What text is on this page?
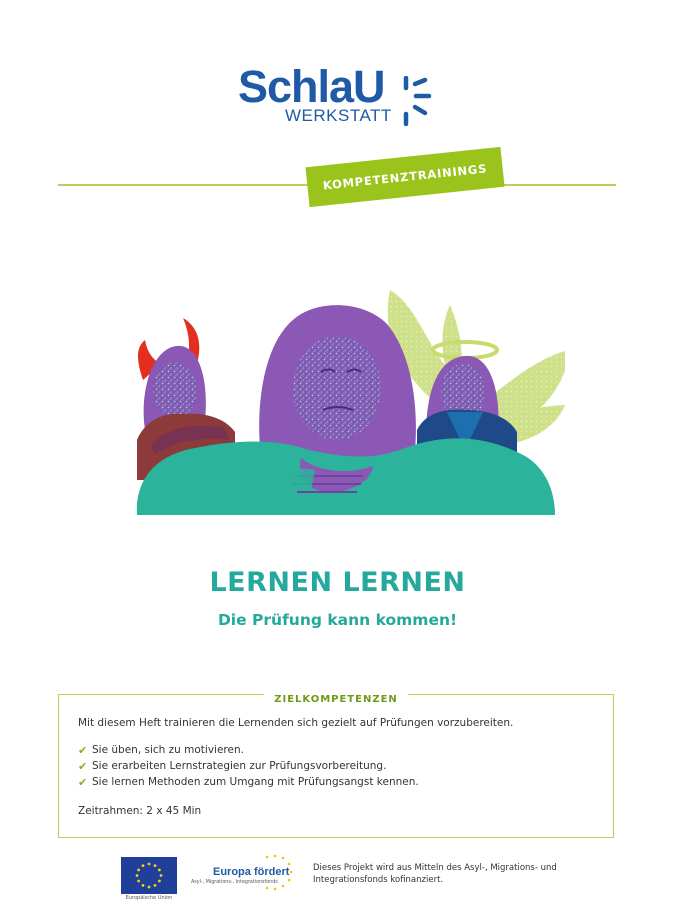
SchlaU
WERKSTATT
KOMPETENZTRAININGS
LERNEN LERNEN
Die Prüfung kann kommen!
ZIELKOMPETENZEN

Mit diesem Heft trainieren die Lernenden sich gezielt auf Prüfungen vorzubereiten.

✔ Sie üben, sich zu motivieren.
✔ Sie erarbeiten Lernstrategien zur Prüfungsvorbereitung.
✔ Sie lernen Methoden zum Umgang mit Prüfungsangst kennen.

Zeitrahmen: 2 x 45 Min

Europäische Union
Europa fördert
Asyl-, Migrations-, Integrationsfonds
Dieses Projekt wird aus Mitteln des Asyl-, Migrations- und Integrationsfonds kofinanziert.
